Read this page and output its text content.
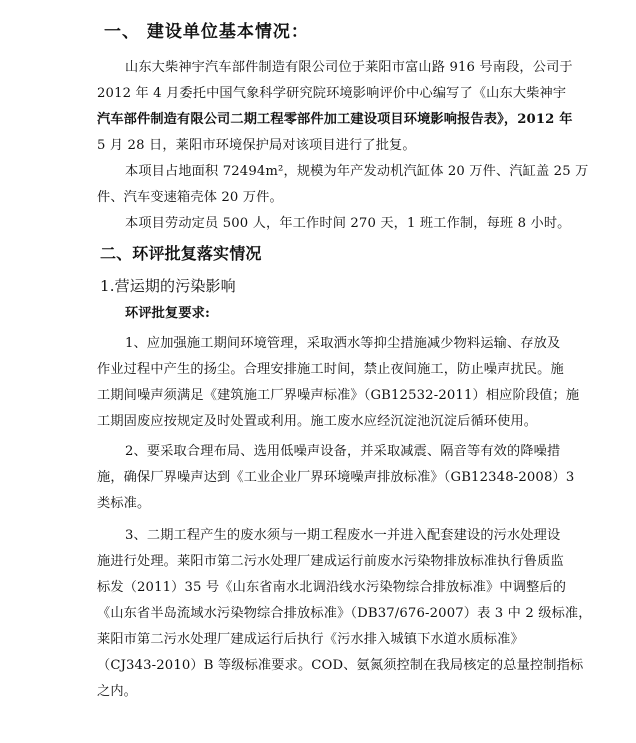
一、 建设单位基本情况：
山东大柴神宇汽车部件制造有限公司位于莱阳市富山路 916 号南段，公司于
2012 年 4 月委托中国气象科学研究院环境影响评价中心编写了《山东大柴神宇
汽车部件制造有限公司二期工程零部件加工建设项目环境影响报告表》，2012 年
5 月 28 日，莱阳市环境保护局对该项目进行了批复。
本项目占地面积 72494m²，规模为年产发动机汽缸体 20 万件、汽缸盖 25 万
件、汽车变速箱壳体 20 万件。
本项目劳动定员 500 人，年工作时间 270 天，1 班工作制，每班 8 小时。
二、环评批复落实情况
1.营运期的污染影响
环评批复要求:
1、应加强施工期间环境管理，采取洒水等抑尘措施减少物料运输、存放及
作业过程中产生的扬尘。合理安排施工时间，禁止夜间施工，防止噪声扰民。施
工期间噪声须满足《建筑施工厂界噪声标准》（GB12532-2011）相应阶段值；施
工期固废应按规定及时处置或利用。施工废水应经沉淀池沉淀后循环使用。
2、要采取合理布局、选用低噪声设备，并采取减震、隔音等有效的降噪措
施，确保厂界噪声达到《工业企业厂界环境噪声排放标准》（GB12348-2008）3
类标准。
3、二期工程产生的废水须与一期工程废水一并进入配套建设的污水处理设
施进行处理。莱阳市第二污水处理厂建成运行前废水污染物排放标准执行鲁质监
标发（2011）35 号《山东省南水北调沿线水污染物综合排放标准》中调整后的
《山东省半岛流域水污染物综合排放标准》（DB37/676-2007）表 3 中 2 级标准，
莱阳市第二污水处理厂建成运行后执行《污水排入城镇下水道水质标准》
（CJ343-2010）B 等级标准要求。COD、氨氮须控制在我局核定的总量控制指标
之内。
